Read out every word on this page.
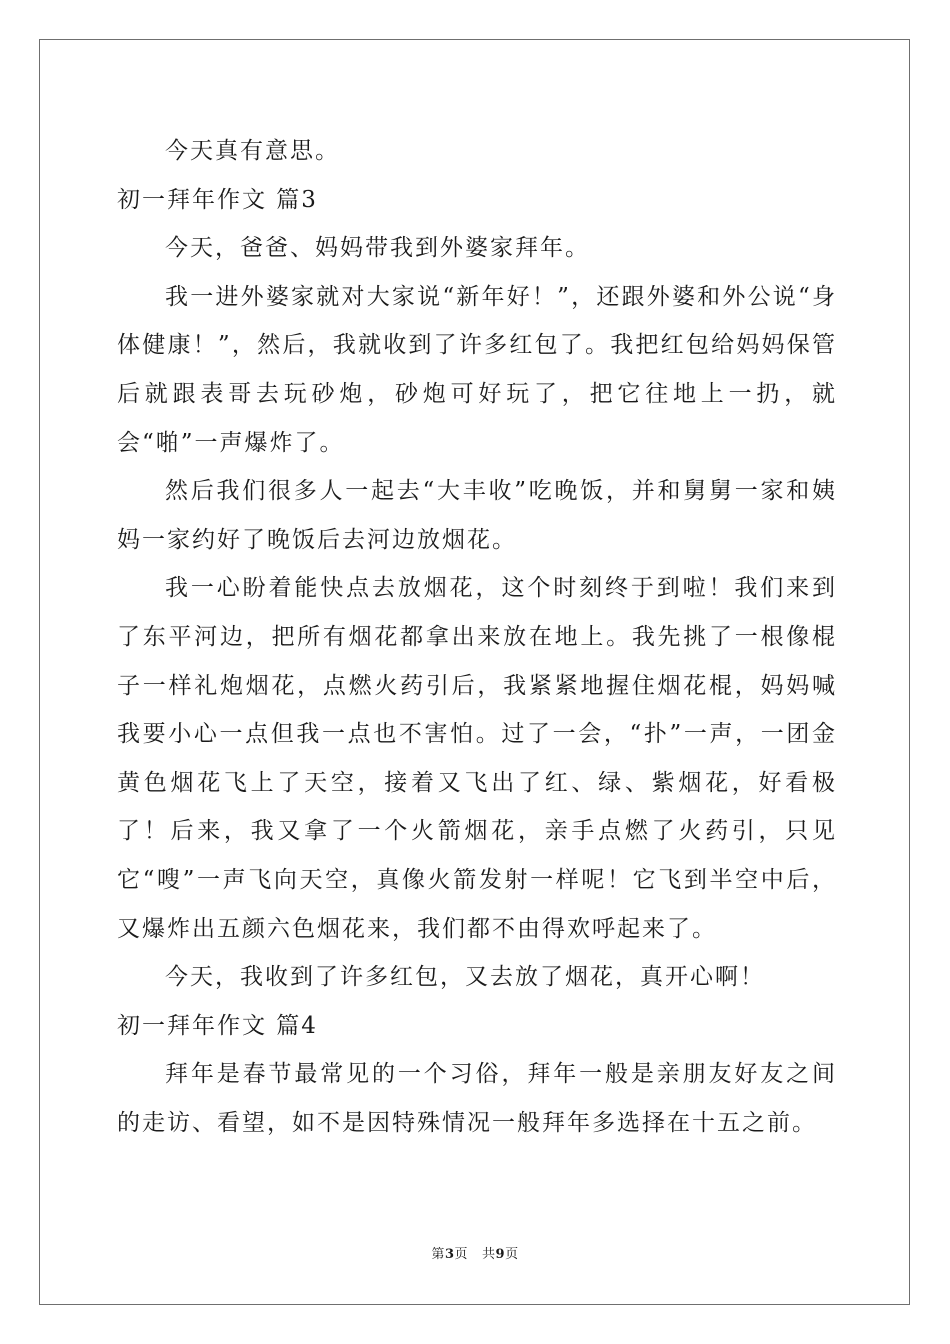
今天真有意思。

初一拜年作文 篇3

今天，爸爸、妈妈带我到外婆家拜年。

我一进外婆家就对大家说“新年好！”，还跟外婆和外公说“身体健康！”，然后，我就收到了许多红包了。我把红包给妈妈保管后就跟表哥去玩砂炮，砂炮可好玩了，把它往地上一扔，就会“啪”一声爆炸了。

然后我们很多人一起去“大丰收”吃晚饭，并和舅舅一家和姨妈一家约好了晚饭后去河边放烟花。

我一心盼着能快点去放烟花，这个时刻终于到啦！我们来到了东平河边，把所有烟花都拿出来放在地上。我先挑了一根像棍子一样礼炮烟花，点燃火药引后，我紧紧地握住烟花棍，妈妈喊我要小心一点但我一点也不害怕。过了一会，“扑”一声，一团金黄色烟花飞上了天空，接着又飞出了红、绿、紫烟花，好看极了！后来，我又拿了一个火箭烟花，亲手点燃了火药引，只见它“嗖”一声飞向天空，真像火箭发射一样呢！它飞到半空中后，又爆炸出五颜六色烟花来，我们都不由得欢呼起来了。

今天，我收到了许多红包，又去放了烟花，真开心啊！

初一拜年作文 篇4

拜年是春节最常见的一个习俗，拜年一般是亲朋友好友之间的走访、看望，如不是因特殊情况一般拜年多选择在十五之前。

第3页 共9页
